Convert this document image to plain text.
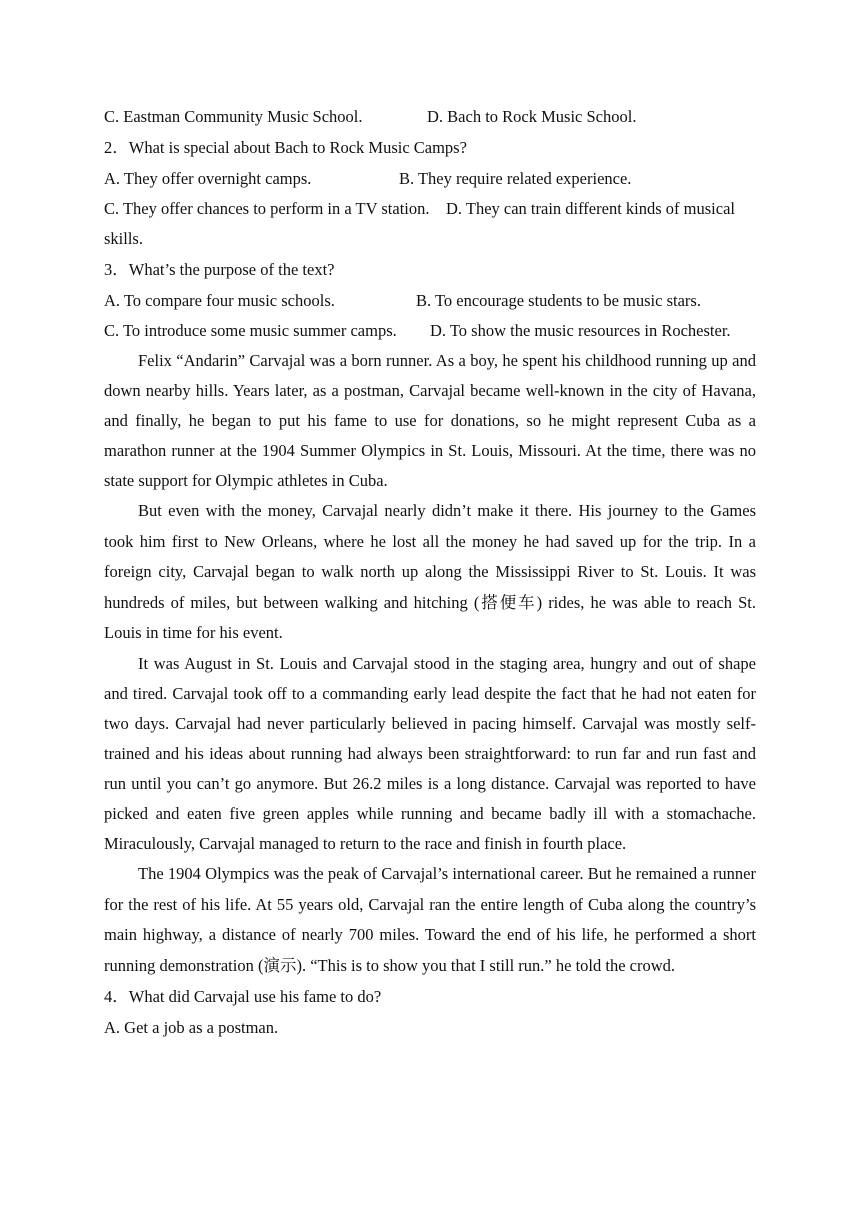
C. Eastman Community Music School.	D. Bach to Rock Music School.
2．What is special about Bach to Rock Music Camps?
A. They offer overnight camps.	B. They require related experience.
C. They offer chances to perform in a TV station. D. They can train different kinds of musical skills.
3．What’s the purpose of the text?
A. To compare four music schools.	B. To encourage students to be music stars.
C. To introduce some music summer camps.	D. To show the music resources in Rochester.

Felix “Andarin” Carvajal was a born runner. As a boy, he spent his childhood running up and down nearby hills. Years later, as a postman, Carvajal became well-known in the city of Havana, and finally, he began to put his fame to use for donations, so he might represent Cuba as a marathon runner at the 1904 Summer Olympics in St. Louis, Missouri. At the time, there was no state support for Olympic athletes in Cuba.

But even with the money, Carvajal nearly didn’t make it there. His journey to the Games took him first to New Orleans, where he lost all the money he had saved up for the trip. In a foreign city, Carvajal began to walk north up along the Mississippi River to St. Louis. It was hundreds of miles, but between walking and hitching (搭便车) rides, he was able to reach St. Louis in time for his event.

It was August in St. Louis and Carvajal stood in the staging area, hungry and out of shape and tired. Carvajal took off to a commanding early lead despite the fact that he had not eaten for two days. Carvajal had never particularly believed in pacing himself. Carvajal was mostly self-trained and his ideas about running had always been straightforward: to run far and run fast and run until you can’t go anymore. But 26.2 miles is a long distance. Carvajal was reported to have picked and eaten five green apples while running and became badly ill with a stomachache. Miraculously, Carvajal managed to return to the race and finish in fourth place.

The 1904 Olympics was the peak of Carvajal’s international career. But he remained a runner for the rest of his life. At 55 years old, Carvajal ran the entire length of Cuba along the country’s main highway, a distance of nearly 700 miles. Toward the end of his life, he performed a short running demonstration (演示). “This is to show you that I still run.” he told the crowd.

4．What did Carvajal use his fame to do?
A. Get a job as a postman.
